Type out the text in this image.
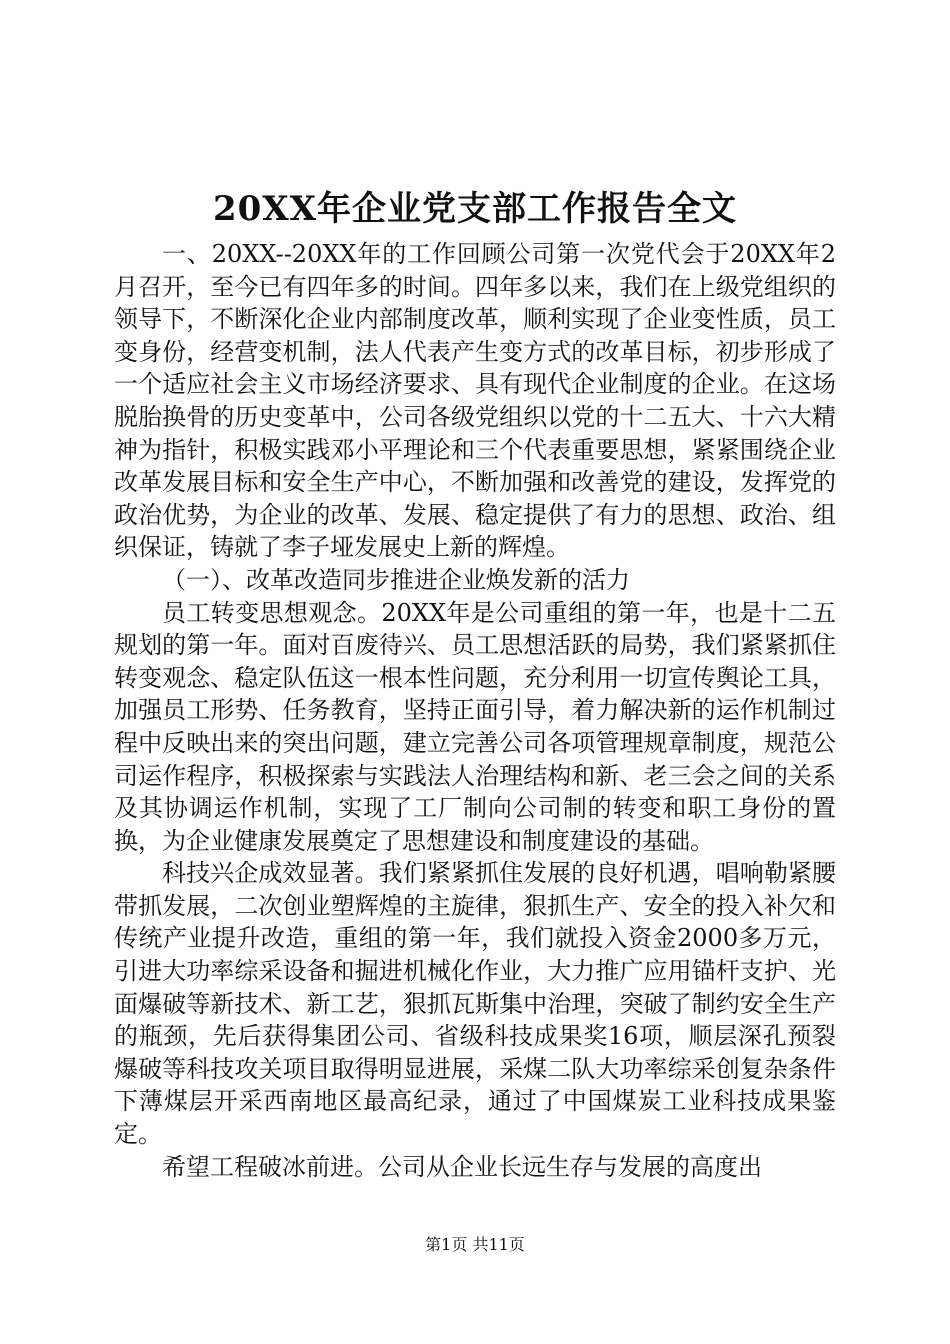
20XX年企业党支部工作报告全文

一、20XX--20XX年的工作回顾公司第一次党代会于20XX年2月召开，至今已有四年多的时间。四年多以来，我们在上级党组织的领导下，不断深化企业内部制度改革，顺利实现了企业变性质，员工变身份，经营变机制，法人代表产生变方式的改革目标，初步形成了一个适应社会主义市场经济要求、具有现代企业制度的企业。在这场脱胎换骨的历史变革中，公司各级党组织以党的十二五大、十六大精神为指针，积极实践邓小平理论和三个代表重要思想，紧紧围绕企业改革发展目标和安全生产中心，不断加强和改善党的建设，发挥党的政治优势，为企业的改革、发展、稳定提供了有力的思想、政治、组织保证，铸就了李子垭发展史上新的辉煌。

（一）、改革改造同步推进企业焕发新的活力

员工转变思想观念。20XX年是公司重组的第一年，也是十二五规划的第一年。面对百废待兴、员工思想活跃的局势，我们紧紧抓住转变观念、稳定队伍这一根本性问题，充分利用一切宣传舆论工具，加强员工形势、任务教育，坚持正面引导，着力解决新的运作机制过程中反映出来的突出问题，建立完善公司各项管理规章制度，规范公司运作程序，积极探索与实践法人治理结构和新、老三会之间的关系及其协调运作机制，实现了工厂制向公司制的转变和职工身份的置换，为企业健康发展奠定了思想建设和制度建设的基础。

科技兴企成效显著。我们紧紧抓住发展的良好机遇，唱响勒紧腰带抓发展，二次创业塑辉煌的主旋律，狠抓生产、安全的投入补欠和传统产业提升改造，重组的第一年，我们就投入资金2000多万元，引进大功率综采设备和掘进机械化作业，大力推广应用锚杆支护、光面爆破等新技术、新工艺，狠抓瓦斯集中治理，突破了制约安全生产的瓶颈，先后获得集团公司、省级科技成果奖16项，顺层深孔预裂爆破等科技攻关项目取得明显进展，采煤二队大功率综采创复杂条件下薄煤层开采西南地区最高纪录，通过了中国煤炭工业科技成果鉴定。

希望工程破冰前进。公司从企业长远生存与发展的高度出

第1页 共11页
